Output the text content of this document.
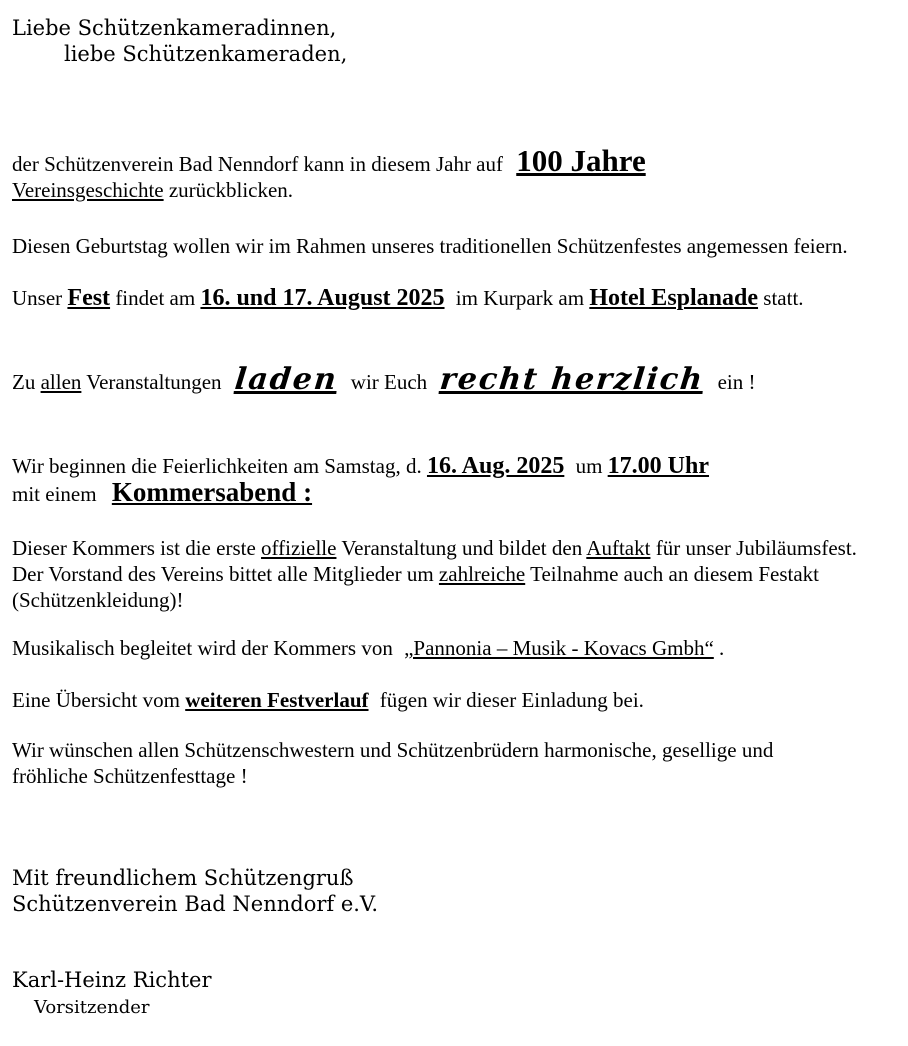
Liebe Schützenkameradinnen,
liebe Schützenkameraden,

der Schützenverein Bad Nenndorf kann in diesem Jahr auf 100 Jahre
Vereinsgeschichte zurückblicken.

Diesen Geburtstag wollen wir im Rahmen unseres traditionellen Schützenfestes angemessen feiern.

Unser Fest findet am 16. und 17. August 2025 im Kurpark am Hotel Esplanade statt.

Zu allen Veranstaltungen laden wir Euch recht herzlich ein !

Wir beginnen die Feierlichkeiten am Samstag, d. 16. Aug. 2025 um 17.00 Uhr
mit einem Kommersabend :

Dieser Kommers ist die erste offizielle Veranstaltung und bildet den Auftakt für unser Jubiläumsfest.
Der Vorstand des Vereins bittet alle Mitglieder um zahlreiche Teilnahme auch an diesem Festakt
(Schützenkleidung)!

Musikalisch begleitet wird der Kommers von „Pannonia – Musik - Kovacs Gmbh“ .

Eine Übersicht vom weiteren Festverlauf fügen wir dieser Einladung bei.

Wir wünschen allen Schützenschwestern und Schützenbrüdern harmonische, gesellige und
fröhliche Schützenfesttage !

Mit freundlichem Schützengruß
Schützenverein Bad Nenndorf e.V.

Karl-Heinz Richter
Vorsitzender
